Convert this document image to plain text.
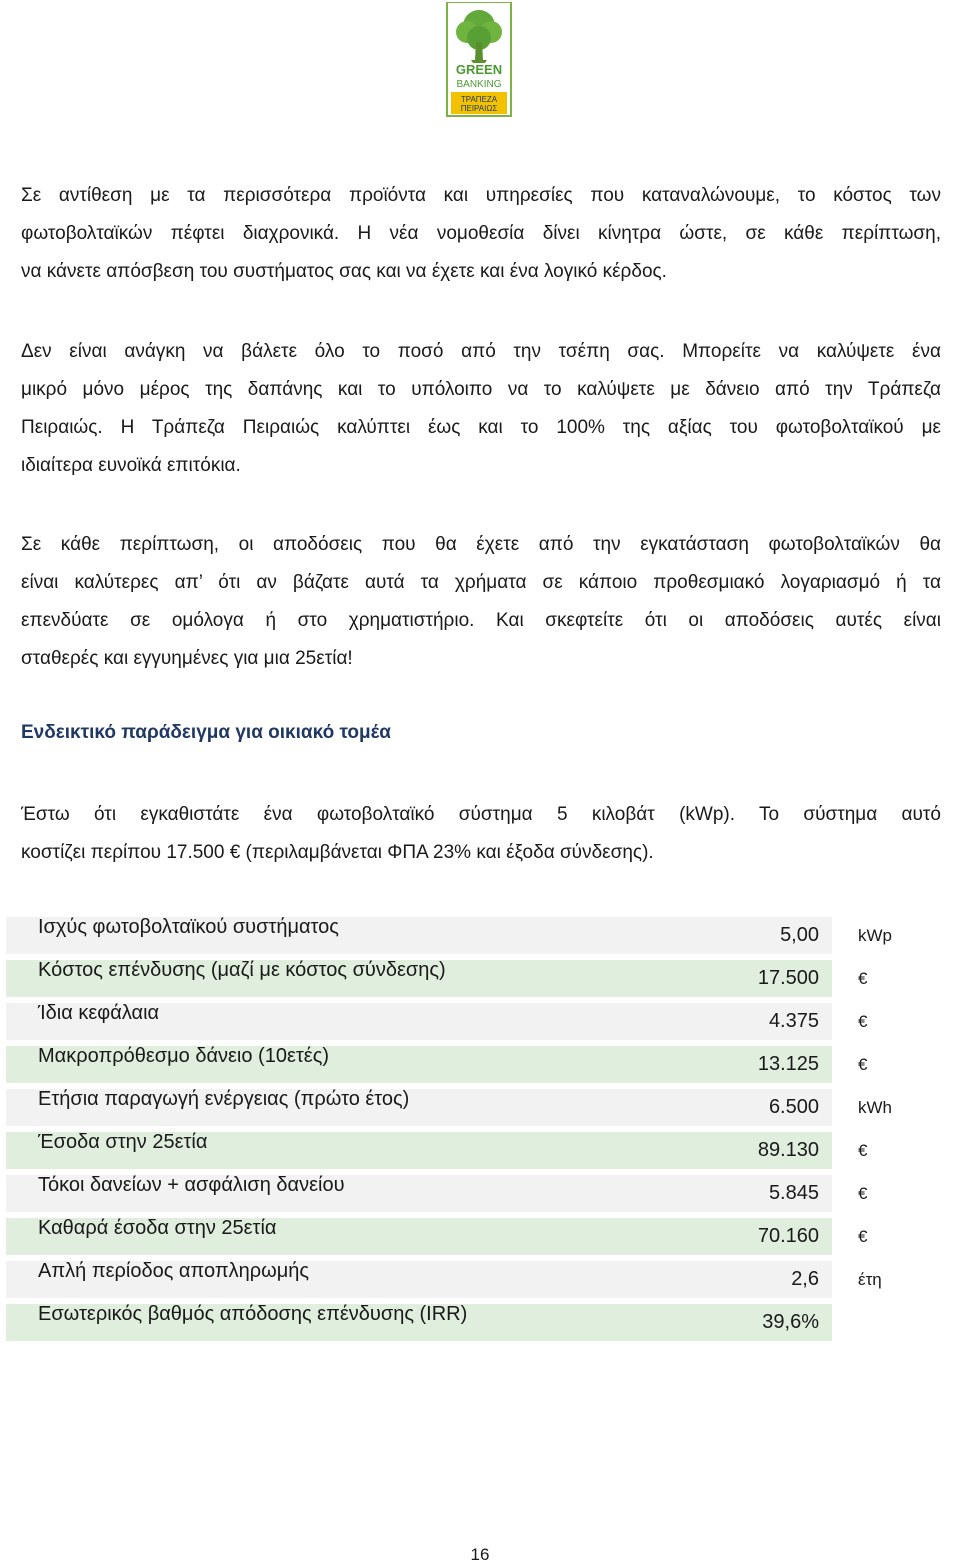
GREEN
BANKING
ΤΡΑΠΕΖΑ
ΠΕΙΡΑΙΩΣ
Σε αντίθεση με τα περισσότερα προϊόντα και υπηρεσίες που καταναλώνουμε, το κόστος των
φωτοβολταϊκών πέφτει διαχρονικά. Η νέα νομοθεσία δίνει κίνητρα ώστε, σε κάθε περίπτωση,
να κάνετε απόσβεση του συστήματος σας και να έχετε και ένα λογικό κέρδος.
Δεν είναι ανάγκη να βάλετε όλο το ποσό από την τσέπη σας. Μπορείτε να καλύψετε ένα
μικρό μόνο μέρος της δαπάνης και το υπόλοιπο να το καλύψετε με δάνειο από την Τράπεζα
Πειραιώς. Η Τράπεζα Πειραιώς καλύπτει έως και το 100% της αξίας του φωτοβολταϊκού με
ιδιαίτερα ευνοϊκά επιτόκια.
Σε κάθε περίπτωση, οι αποδόσεις που θα έχετε από την εγκατάσταση φωτοβολταϊκών θα
είναι καλύτερες απ’ ότι αν βάζατε αυτά τα χρήματα σε κάποιο προθεσμιακό λογαριασμό ή τα
επενδύατε σε ομόλογα ή στο χρηματιστήριο. Και σκεφτείτε ότι οι αποδόσεις αυτές είναι
σταθερές και εγγυημένες για μια 25ετία!
Ενδεικτικό παράδειγμα για οικιακό τομέα
Έστω ότι εγκαθιστάτε ένα φωτοβολταϊκό σύστημα 5 κιλοβάτ (kWp). Το σύστημα αυτό
κοστίζει περίπου 17.500 € (περιλαμβάνεται ΦΠΑ 23% και έξοδα σύνδεσης).
Ισχύς φωτοβολταϊκού συστήματος	5,00 kWp
Κόστος επένδυσης (μαζί με κόστος σύνδεσης)	17.500 €
Ίδια κεφάλαια	4.375 €
Μακροπρόθεσμο δάνειο (10ετές)	13.125 €
Ετήσια παραγωγή ενέργειας (πρώτο έτος)	6.500 kWh
Έσοδα στην 25ετία	89.130 €
Τόκοι δανείων + ασφάλιση δανείου	5.845 €
Καθαρά έσοδα στην 25ετία	70.160 €
Απλή περίοδος αποπληρωμής	2,6 έτη
Εσωτερικός βαθμός απόδοσης επένδυσης (IRR)	39,6%
16
